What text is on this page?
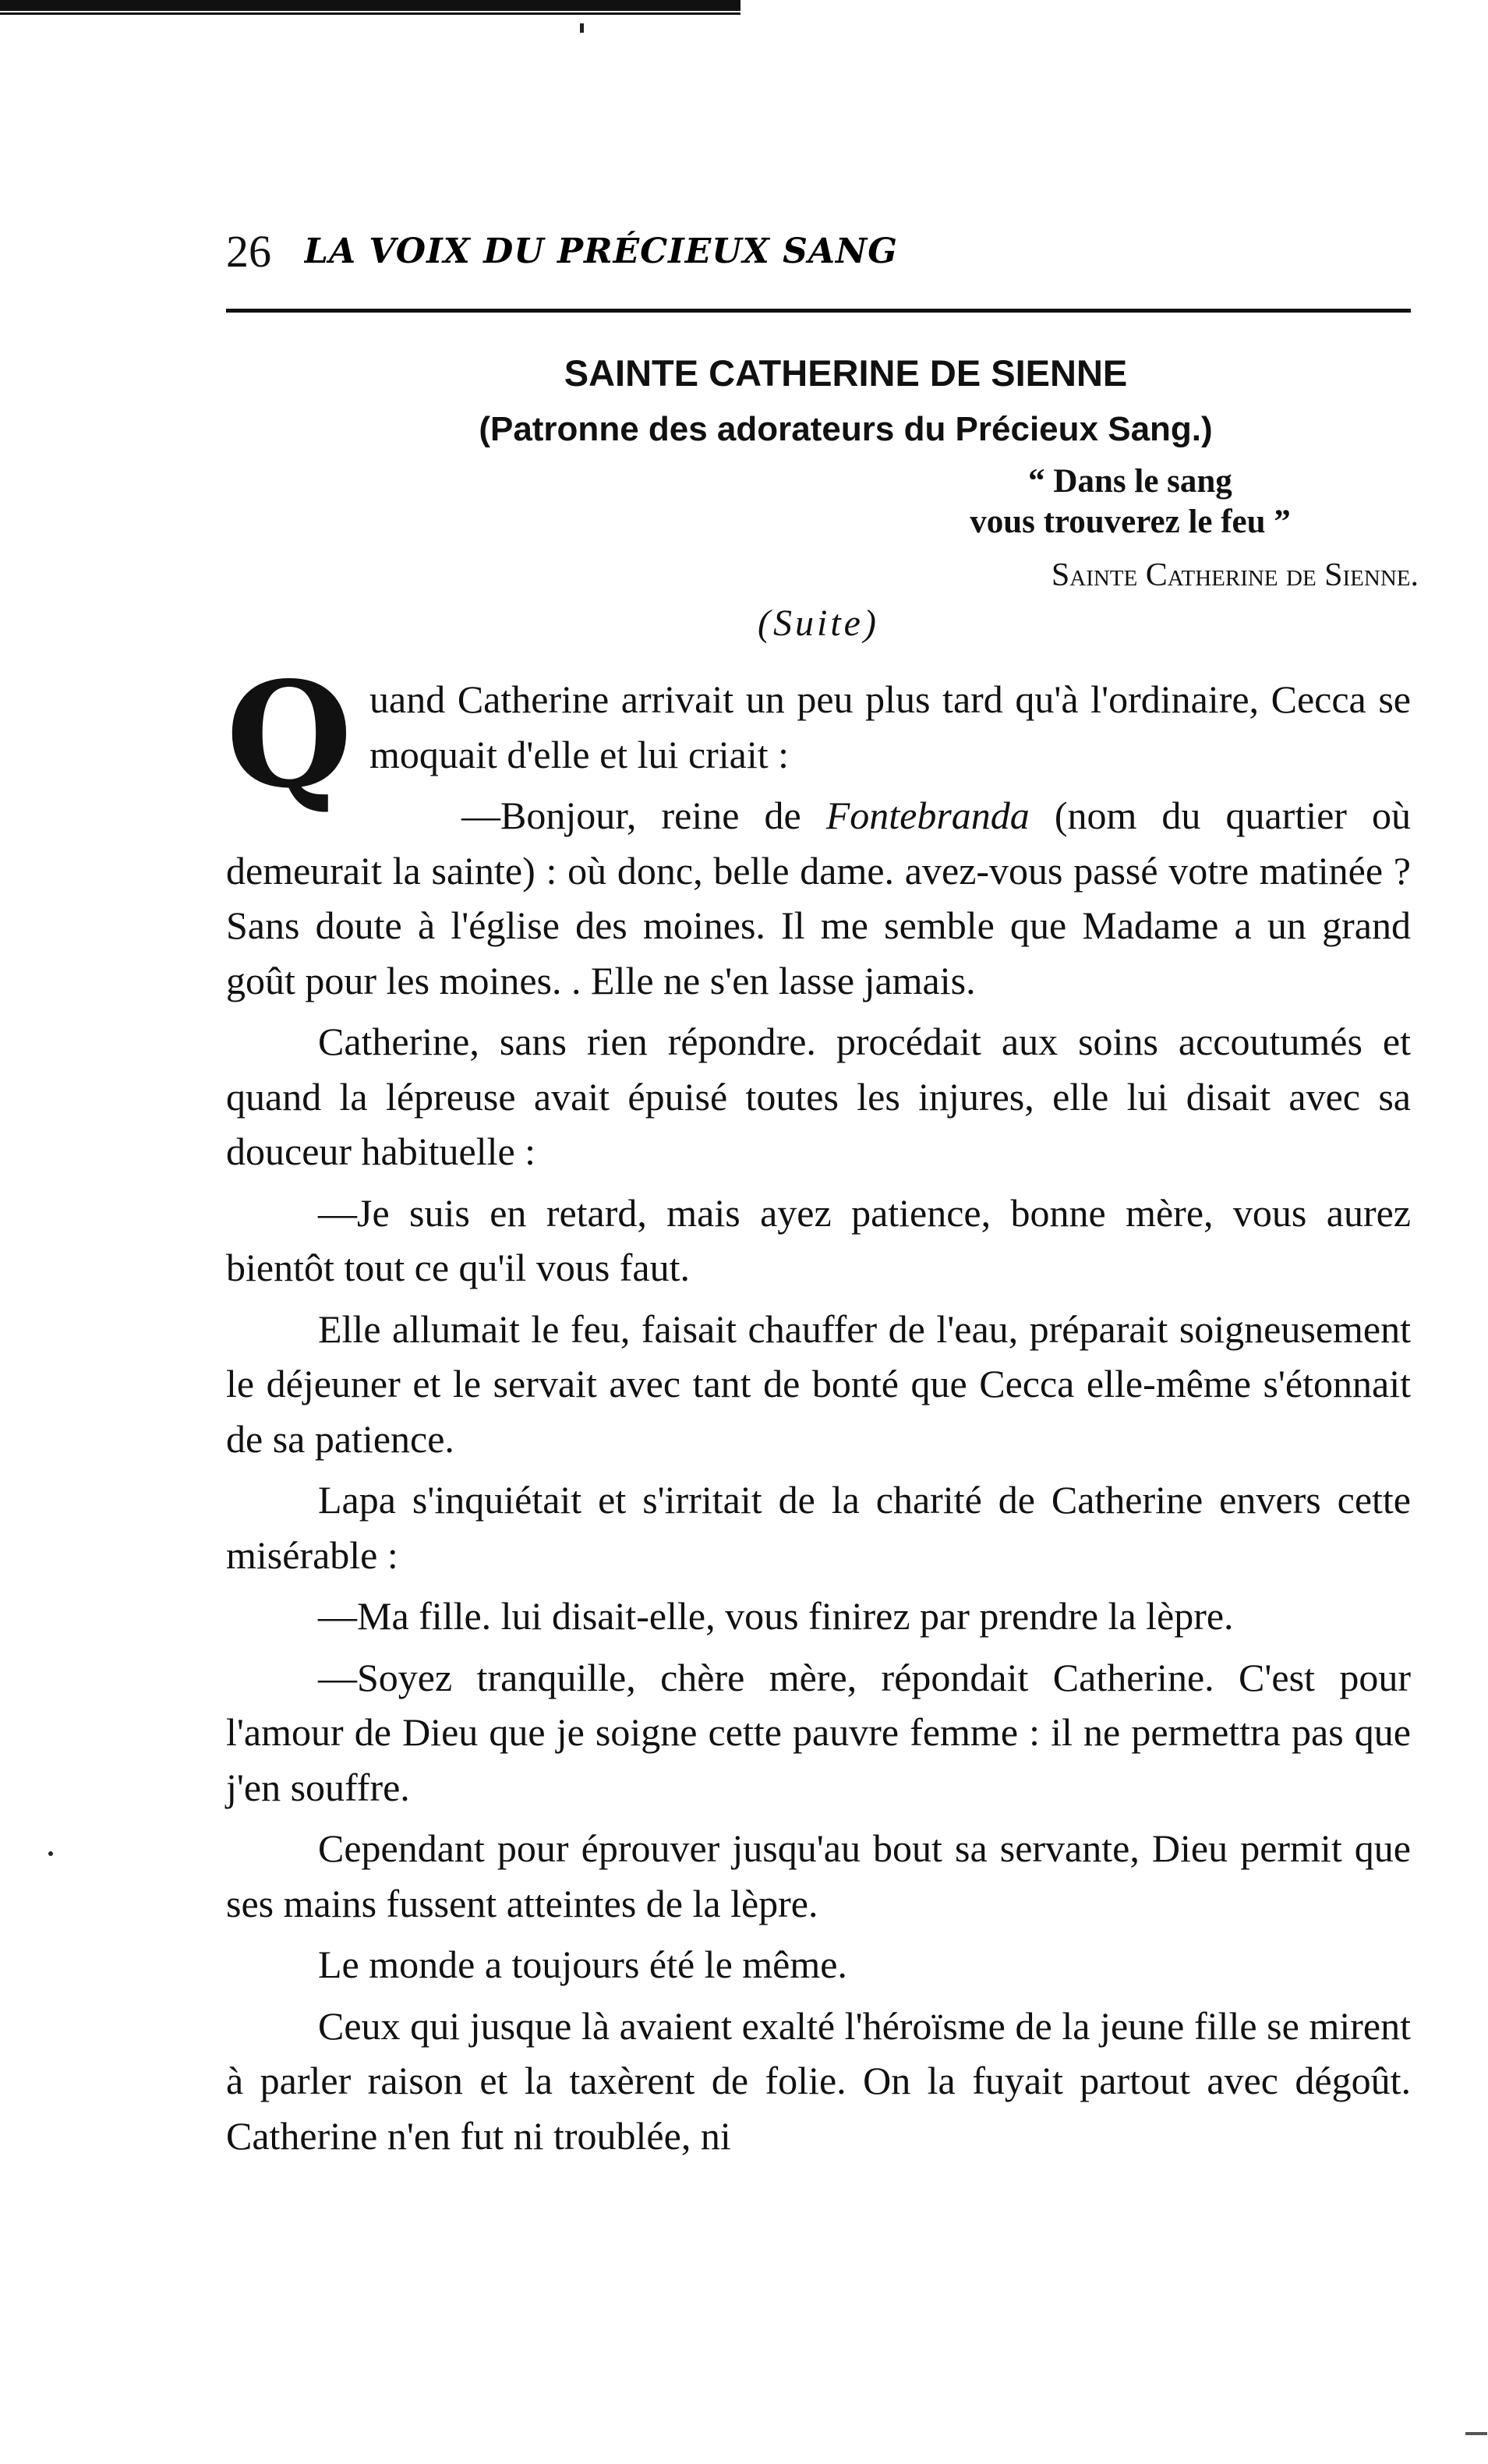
26 LA VOIX DU PRÉCIEUX SANG
SAINTE CATHERINE DE SIENNE
(Patronne des adorateurs du Précieux Sang.)
“ Dans le sang
vous trouverez le feu ”
Sainte Catherine de Sienne.
(Suite)

Quand Catherine arrivait un peu plus tard qu'à l'ordinaire, Cecca se moquait d'elle et lui criait :

—Bonjour, reine de Fontebranda (nom du quartier où demeurait la sainte) : où donc, belle dame. avez-vous passé votre matinée ? Sans doute à l'église des moines. Il me semble que Madame a un grand goût pour les moines. . Elle ne s'en lasse jamais.

Catherine, sans rien répondre. procédait aux soins accoutumés et quand la lépreuse avait épuisé toutes les injures, elle lui disait avec sa douceur habituelle :

—Je suis en retard, mais ayez patience, bonne mère, vous aurez bientôt tout ce qu'il vous faut.

Elle allumait le feu, faisait chauffer de l'eau, préparait soigneusement le déjeuner et le servait avec tant de bonté que Cecca elle-même s'étonnait de sa patience.

Lapa s'inquiétait et s'irritait de la charité de Catherine envers cette misérable :

—Ma fille. lui disait-elle, vous finirez par prendre la lèpre.

—Soyez tranquille, chère mère, répondait Catherine. C'est pour l'amour de Dieu que je soigne cette pauvre femme : il ne permettra pas que j'en souffre.

Cependant pour éprouver jusqu'au bout sa servante, Dieu permit que ses mains fussent atteintes de la lèpre.

Le monde a toujours été le même.

Ceux qui jusque là avaient exalté l'héroïsme de la jeune fille se mirent à parler raison et la taxèrent de folie. On la fuyait partout avec dégoût. Catherine n'en fut ni troublée, ni
